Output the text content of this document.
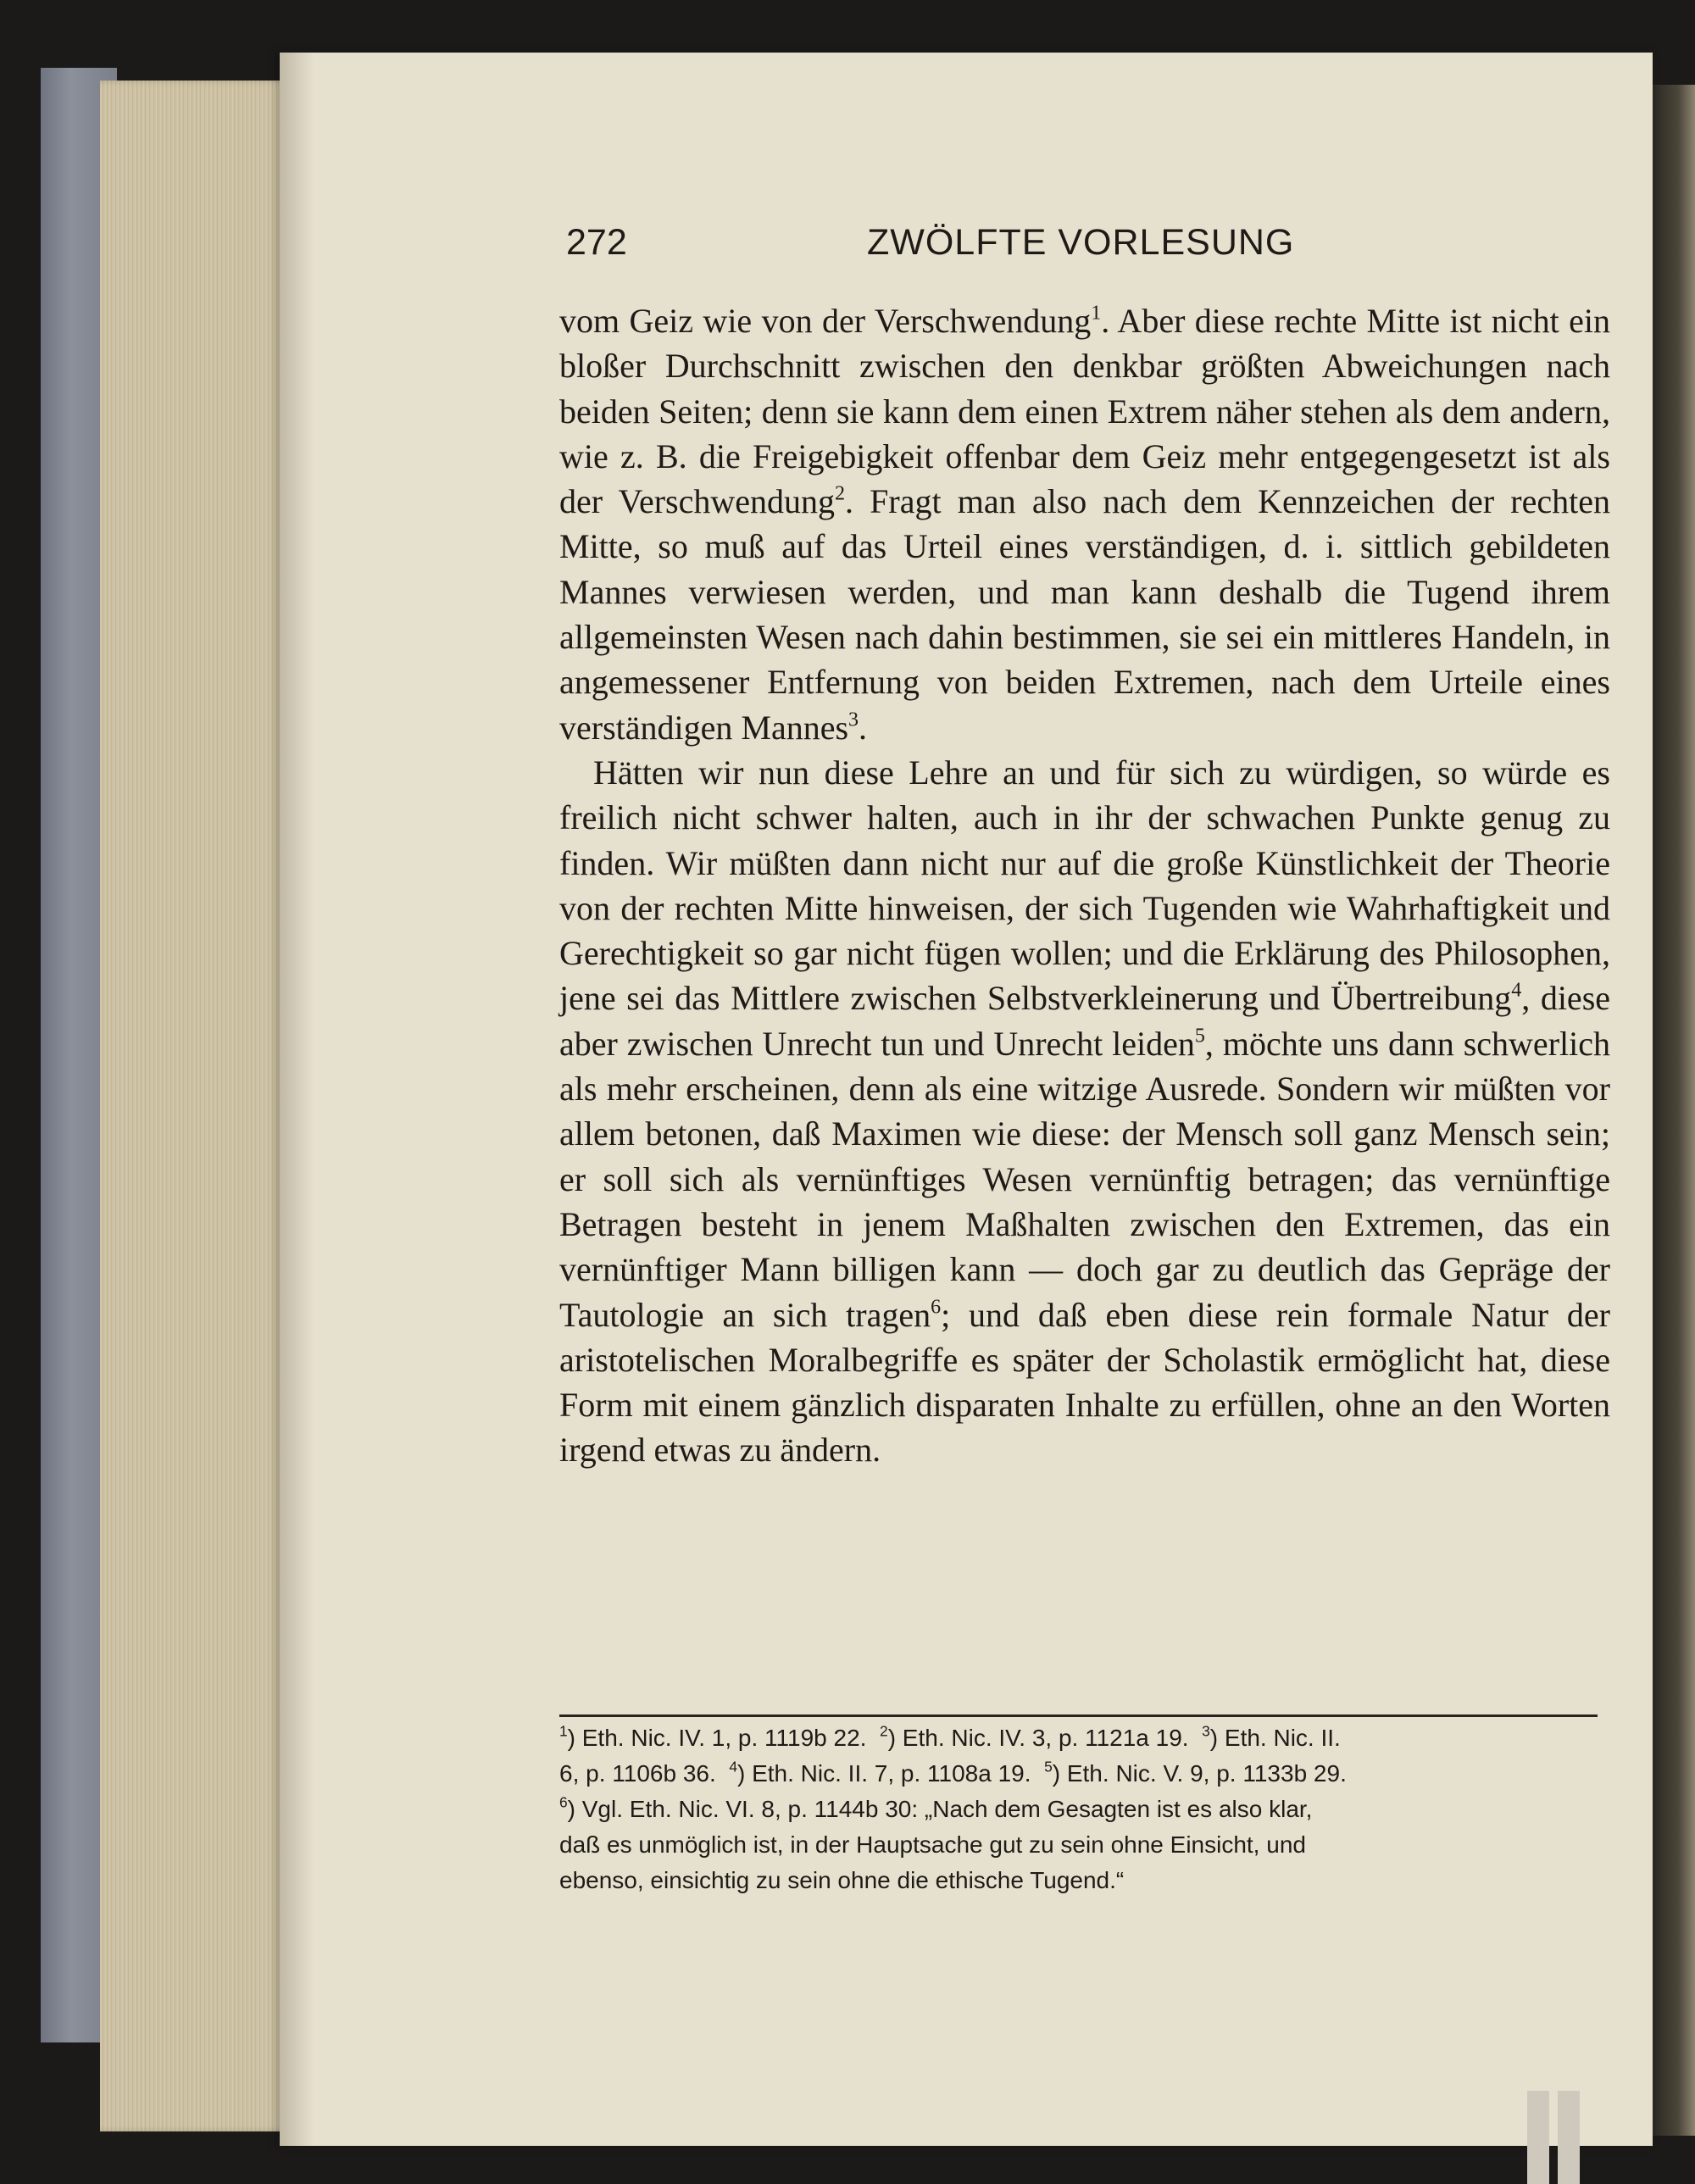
272	ZWÖLFTE VORLESUNG

vom Geiz wie von der Verschwendung$^1$. Aber diese rechte Mitte ist nicht ein bloßer Durchschnitt zwischen den denkbar größten Abweichungen nach beiden Seiten; denn sie kann dem einen Extrem näher stehen als dem andern, wie z. B. die Freigebigkeit offenbar dem Geiz mehr entgegengesetzt ist als der Verschwendung$^2$. Fragt man also nach dem Kennzeichen der rechten Mitte, so muß auf das Urteil eines verständigen, d. i. sittlich gebildeten Mannes verwiesen werden, und man kann deshalb die Tugend ihrem allgemeinsten Wesen nach dahin bestimmen, sie sei ein mittleres Handeln, in angemessener Entfernung von beiden Extremen, nach dem Urteile eines verständigen Mannes$^3$.

Hätten wir nun diese Lehre an und für sich zu würdigen, so würde es freilich nicht schwer halten, auch in ihr der schwachen Punkte genug zu finden. Wir müßten dann nicht nur auf die große Künstlichkeit der Theorie von der rechten Mitte hinweisen, der sich Tugenden wie Wahrhaftigkeit und Gerechtigkeit so gar nicht fügen wollen; und die Erklärung des Philosophen, jene sei das Mittlere zwischen Selbstverkleinerung und Übertreibung$^4$, diese aber zwischen Unrecht tun und Unrecht leiden$^5$, möchte uns dann schwerlich als mehr erscheinen, denn als eine witzige Ausrede. Sondern wir müßten vor allem betonen, daß Maximen wie diese: der Mensch soll ganz Mensch sein; er soll sich als vernünftiges Wesen vernünftig betragen; das vernünftige Betragen besteht in jenem Maßhalten zwischen den Extremen, das ein vernünftiger Mann billigen kann — doch gar zu deutlich das Gepräge der Tautologie an sich tragen$^6$; und daß eben diese rein formale Natur der aristotelischen Moralbegriffe es später der Scholastik ermöglicht hat, diese Form mit einem gänzlich disparaten Inhalte zu erfüllen, ohne an den Worten irgend etwas zu ändern.

$^1$) Eth. Nic. IV. 1, p. 1119b 22. $^2$) Eth. Nic. IV. 3, p. 1121a 19. $^3$) Eth. Nic. II.
6, p. 1106b 36. $^4$) Eth. Nic. II. 7, p. 1108a 19. $^5$) Eth. Nic. V. 9, p. 1133b 29.
$^6$) Vgl. Eth. Nic. VI. 8, p. 1144b 30: „Nach dem Gesagten ist es also klar,
daß es unmöglich ist, in der Hauptsache gut zu sein ohne Einsicht, und
ebenso, einsichtig zu sein ohne die ethische Tugend.“
